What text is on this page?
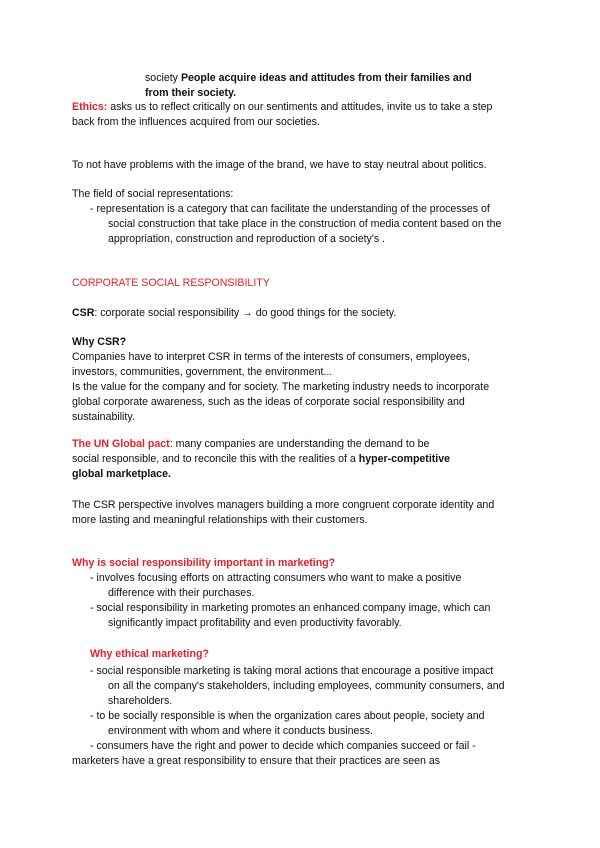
society People acquire ideas and attitudes from their families and

from their society.

Ethics: asks us to reflect critically on our sentiments and attitudes, invite us to take a step

back from the influences acquired from our societies.

To not have problems with the image of the brand, we have to stay neutral about politics.

The field of social representations:

- representation is a category that can facilitate the understanding of the processes of

social construction that take place in the construction of media content based on the

appropriation, construction and reproduction of a society's .

CORPORATE SOCIAL RESPONSIBILITY

CSR: corporate social responsibility → do good things for the society.

Why CSR?

Companies have to interpret CSR in terms of the interests of consumers, employees,

investors, communities, government, the environment...

Is the value for the company and for society. The marketing industry needs to incorporate

global corporate awareness, such as the ideas of corporate social responsibility and

sustainability.

The UN Global pact: many companies are understanding the demand to be

social responsible, and to reconcile this with the realities of a hyper-competitive

global marketplace.

The CSR perspective involves managers building a more congruent corporate identity and

more lasting and meaningful relationships with their customers.

Why is social responsibility important in marketing?

- involves focusing efforts on attracting consumers who want to make a positive

difference with their purchases.

- social responsibility in marketing promotes an enhanced company image, which can

significantly impact profitability and even productivity favorably.

Why ethical marketing?

- social responsible marketing is taking moral actions that encourage a positive impact

on all the company's stakeholders, including employees, community consumers, and

shareholders.

- to be socially responsible is when the organization cares about people, society and

environment with whom and where it conducts business.

- consumers have the right and power to decide which companies succeed or fail -

marketers have a great responsibility to ensure that their practices are seen as
